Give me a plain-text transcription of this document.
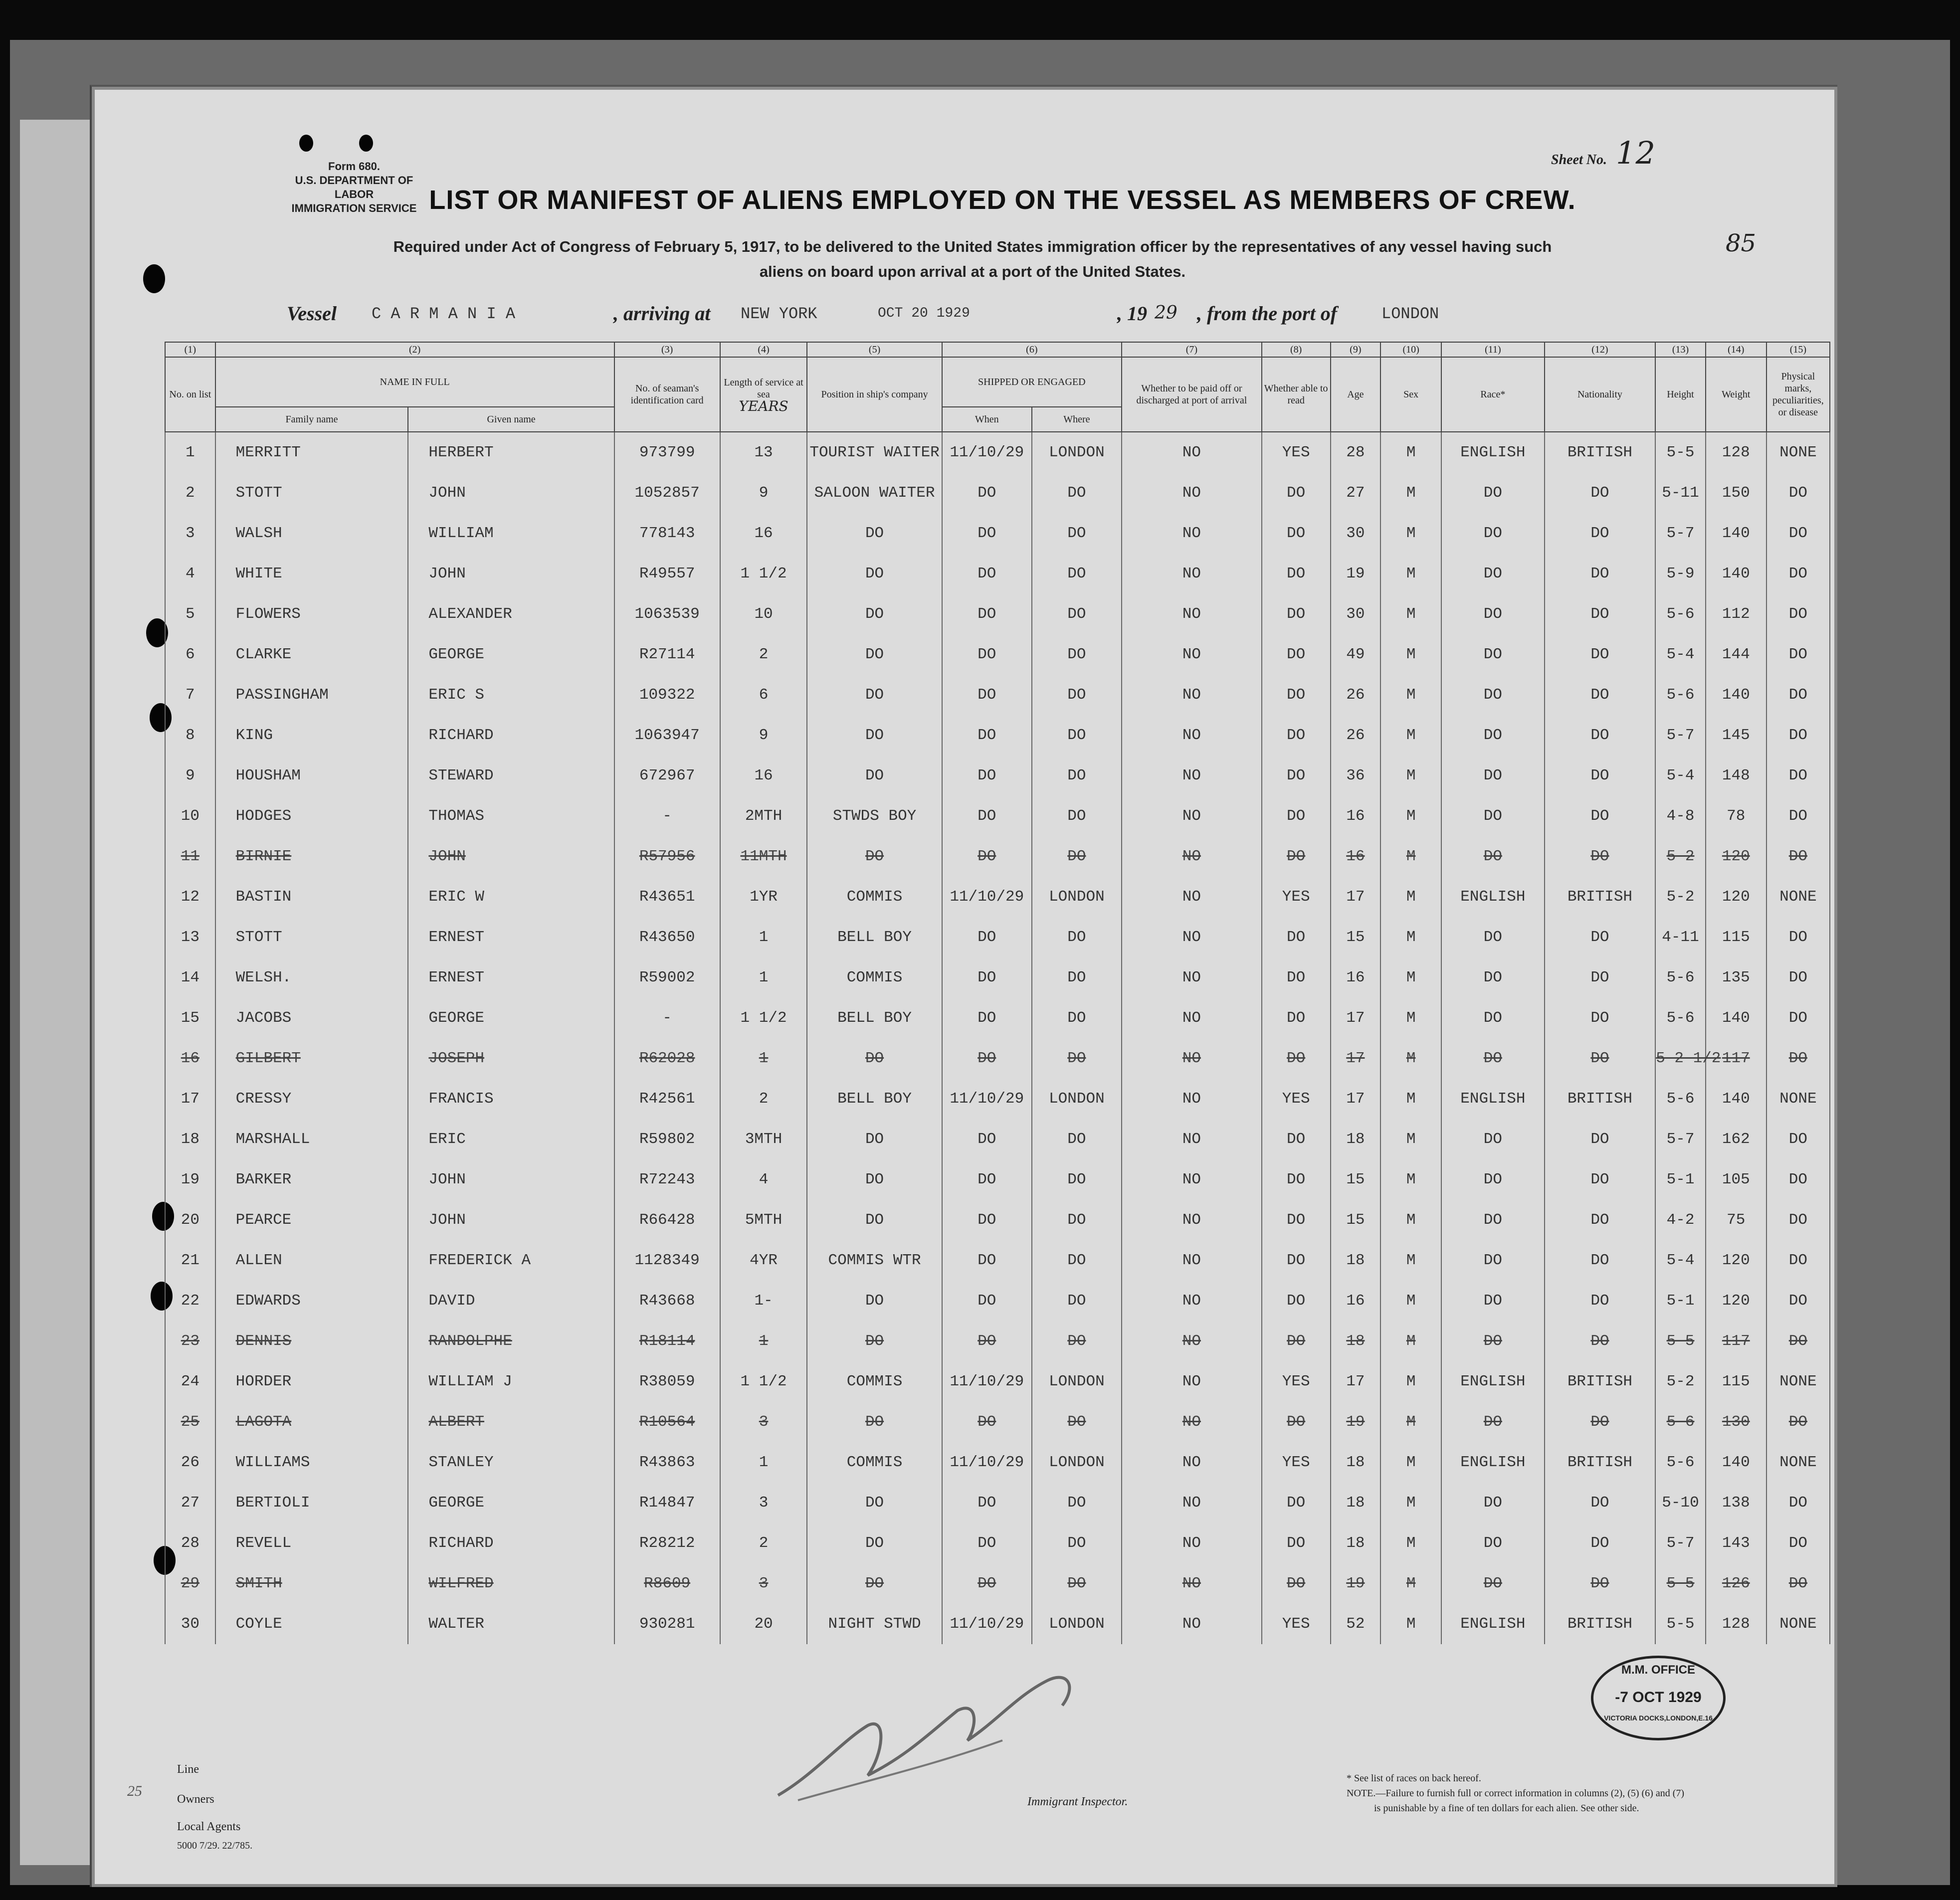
Form 680.
U.S. DEPARTMENT OF LABOR
IMMIGRATION SERVICE
Sheet No. 12
85
LIST OR MANIFEST OF ALIENS EMPLOYED ON THE VESSEL AS MEMBERS OF CREW.
Required under Act of Congress of February 5, 1917, to be delivered to the United States immigration officer by the representatives of any vessel having such
aliens on board upon arrival at a port of the United States.
Vessel C A R M A N I A	, arriving at NEW YORK	OCT 20 1929	, 19 29 , from the port of	LONDON
(1)	(2)		(3)	(4)	(5)	(6)		(7)	(8)	(9)	(10)	(11)	(12)	(13)	(14)	(15)
No. on list	NAME IN FULL		No. of seaman's identification card	Length of service at sea
YEARS	Position in ship's company	SHIPPED OR ENGAGED		Whether to be paid off or discharged at port of arrival	Whether able to read	Age	Sex	Race*	Nationality	Height	Weight	Physical marks, peculiarities, or disease
	Family name	Given name				When	Where									
1	MERRITT	HERBERT	973799	13	TOURIST WAITER	11/10/29	LONDON	NO	YES	28	M	ENGLISH	BRITISH	5-5	128	NONE
2	STOTT	JOHN	1052857	9	SALOON WAITER	DO	DO	NO	DO	27	M	DO	DO	5-11	150	DO
3	WALSH	WILLIAM	778143	16	DO	DO	DO	NO	DO	30	M	DO	DO	5-7	140	DO
4	WHITE	JOHN	R49557	1 1/2	DO	DO	DO	NO	DO	19	M	DO	DO	5-9	140	DO
5	FLOWERS	ALEXANDER	1063539	10	DO	DO	DO	NO	DO	30	M	DO	DO	5-6	112	DO
6	CLARKE	GEORGE	R27114	2	DO	DO	DO	NO	DO	49	M	DO	DO	5-4	144	DO
7	PASSINGHAM	ERIC S	109322	6	DO	DO	DO	NO	DO	26	M	DO	DO	5-6	140	DO
8	KING	RICHARD	1063947	9	DO	DO	DO	NO	DO	26	M	DO	DO	5-7	145	DO
9	HOUSHAM	STEWARD	672967	16	DO	DO	DO	NO	DO	36	M	DO	DO	5-4	148	DO
10	HODGES	THOMAS	-	2MTH	STWDS BOY	DO	DO	NO	DO	16	M	DO	DO	4-8	78	DO
11	BIRNIE	JOHN	R57956	11MTH	DO	DO	DO	NO	DO	16	M	DO	DO	5-2	120	DO
12	BASTIN	ERIC W	R43651	1YR	COMMIS	11/10/29	LONDON	NO	YES	17	M	ENGLISH	BRITISH	5-2	120	NONE
13	STOTT	ERNEST	R43650	1	BELL BOY	DO	DO	NO	DO	15	M	DO	DO	4-11	115	DO
14	WELSH.	ERNEST	R59002	1	COMMIS	DO	DO	NO	DO	16	M	DO	DO	5-6	135	DO
15	JACOBS	GEORGE	-	1 1/2	BELL BOY	DO	DO	NO	DO	17	M	DO	DO	5-6	140	DO
16	GILBERT	JOSEPH	R62028	1	DO	DO	DO	NO	DO	17	M	DO	DO	5-2 1/2	117	DO
17	CRESSY	FRANCIS	R42561	2	BELL BOY	11/10/29	LONDON	NO	YES	17	M	ENGLISH	BRITISH	5-6	140	NONE
18	MARSHALL	ERIC	R59802	3MTH	DO	DO	DO	NO	DO	18	M	DO	DO	5-7	162	DO
19	BARKER	JOHN	R72243	4	DO	DO	DO	NO	DO	15	M	DO	DO	5-1	105	DO
20	PEARCE	JOHN	R66428	5MTH	DO	DO	DO	NO	DO	15	M	DO	DO	4-2	75	DO
21	ALLEN	FREDERICK A	1128349	4YR	COMMIS WTR	DO	DO	NO	DO	18	M	DO	DO	5-4	120	DO
22	EDWARDS	DAVID	R43668	1-	DO	DO	DO	NO	DO	16	M	DO	DO	5-1	120	DO
23	DENNIS	RANDOLPHE	R18114	1	DO	DO	DO	NO	DO	18	M	DO	DO	5-5	117	DO
24	HORDER	WILLIAM J	R38059	1 1/2	COMMIS	11/10/29	LONDON	NO	YES	17	M	ENGLISH	BRITISH	5-2	115	NONE
25	LAGOTA	ALBERT	R10564	3	DO	DO	DO	NO	DO	19	M	DO	DO	5-6	130	DO
26	WILLIAMS	STANLEY	R43863	1	COMMIS	11/10/29	LONDON	NO	YES	18	M	ENGLISH	BRITISH	5-6	140	NONE
27	BERTIOLI	GEORGE	R14847	3	DO	DO	DO	NO	DO	18	M	DO	DO	5-10	138	DO
28	REVELL	RICHARD	R28212	2	DO	DO	DO	NO	DO	18	M	DO	DO	5-7	143	DO
29	SMITH	WILFRED	R8609	3	DO	DO	DO	NO	DO	19	M	DO	DO	5-5	126	DO
30	COYLE	WALTER	930281	20	NIGHT STWD	11/10/29	LONDON	NO	YES	52	M	ENGLISH	BRITISH	5-5	128	NONE
Line
Owners
Local Agents
5000 7/29. 22/785.
Immigrant Inspector.
25
* See list of races on back hereof.
NOTE.—Failure to furnish full or correct information in columns (2), (5) (6) and (7)
is punishable by a fine of ten dollars for each alien. See other side.
M.M. OFFICE
-7 OCT 1929
VICTORIA DOCKS,LONDON,E.16
